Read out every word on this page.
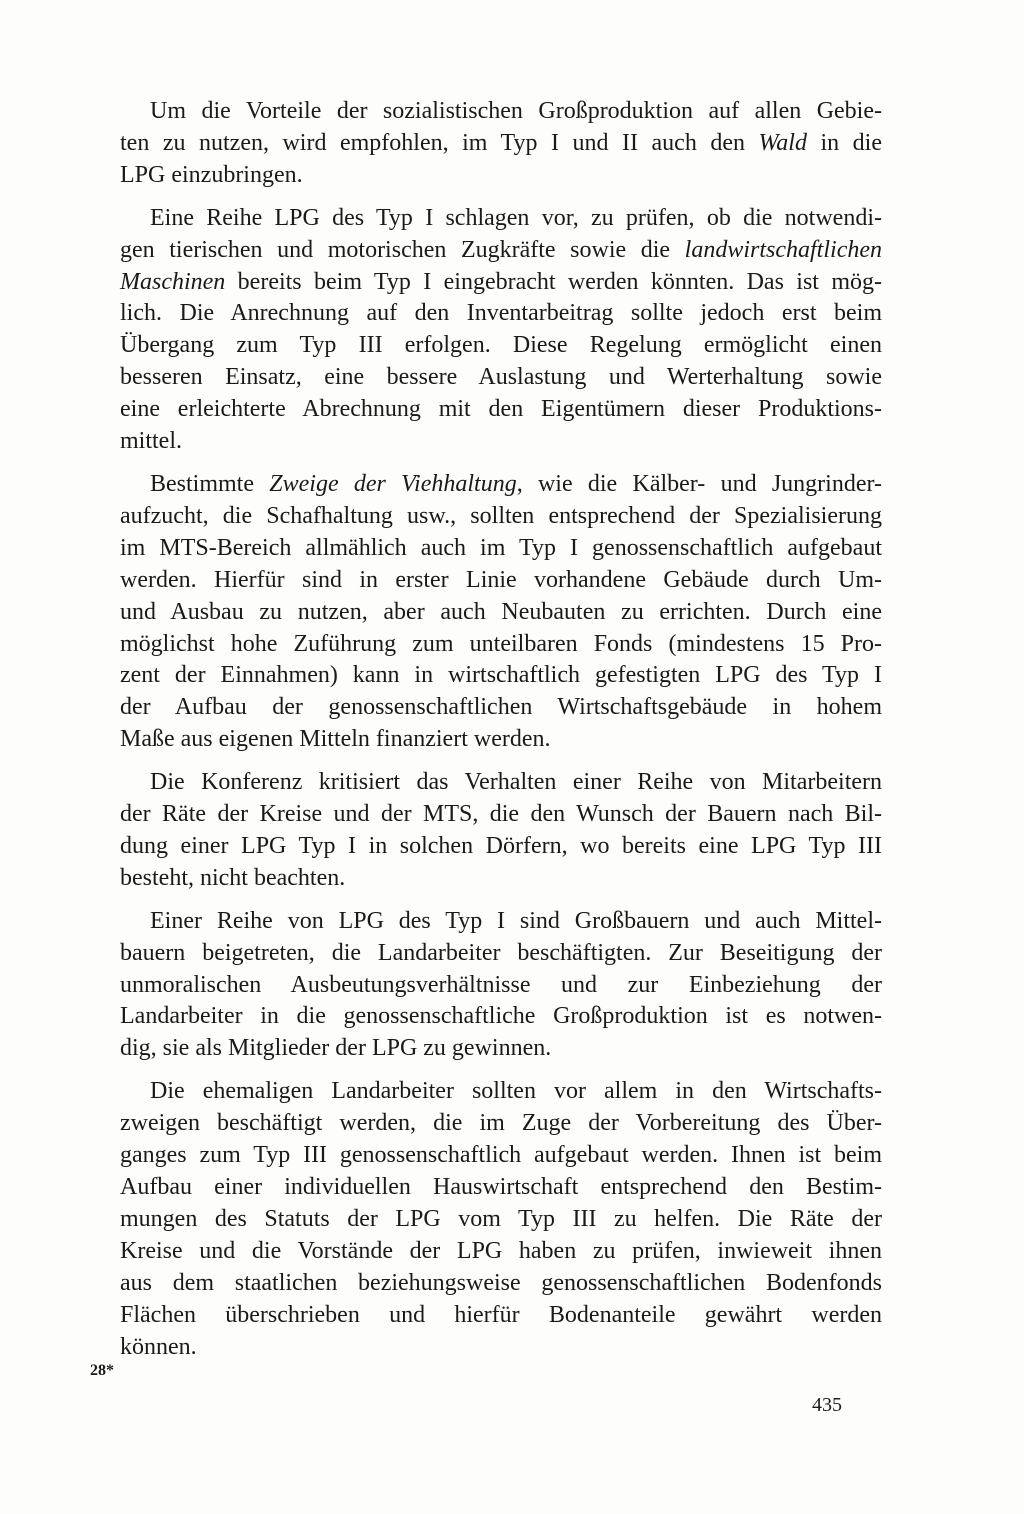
Um die Vorteile der sozialistischen Großproduktion auf allen Gebie-
ten zu nutzen, wird empfohlen, im Typ I und II auch den Wald in die
LPG einzubringen.
Eine Reihe LPG des Typ I schlagen vor, zu prüfen, ob die notwendi-
gen tierischen und motorischen Zugkräfte sowie die landwirtschaftlichen
Maschinen bereits beim Typ I eingebracht werden könnten. Das ist mög-
lich. Die Anrechnung auf den Inventarbeitrag sollte jedoch erst beim
Übergang zum Typ III erfolgen. Diese Regelung ermöglicht einen
besseren Einsatz, eine bessere Auslastung und Werterhaltung sowie
eine erleichterte Abrechnung mit den Eigentümern dieser Produktions-
mittel.
Bestimmte Zweige der Viehhaltung, wie die Kälber- und Jungrinder-
aufzucht, die Schafhaltung usw., sollten entsprechend der Spezialisierung
im MTS-Bereich allmählich auch im Typ I genossenschaftlich aufgebaut
werden. Hierfür sind in erster Linie vorhandene Gebäude durch Um-
und Ausbau zu nutzen, aber auch Neubauten zu errichten. Durch eine
möglichst hohe Zuführung zum unteilbaren Fonds (mindestens 15 Pro-
zent der Einnahmen) kann in wirtschaftlich gefestigten LPG des Typ I
der Aufbau der genossenschaftlichen Wirtschaftsgebäude in hohem
Maße aus eigenen Mitteln finanziert werden.
Die Konferenz kritisiert das Verhalten einer Reihe von Mitarbeitern
der Räte der Kreise und der MTS, die den Wunsch der Bauern nach Bil-
dung einer LPG Typ I in solchen Dörfern, wo bereits eine LPG Typ III
besteht, nicht beachten.
Einer Reihe von LPG des Typ I sind Großbauern und auch Mittel-
bauern beigetreten, die Landarbeiter beschäftigten. Zur Beseitigung der
unmoralischen Ausbeutungsverhältnisse und zur Einbeziehung der
Landarbeiter in die genossenschaftliche Großproduktion ist es notwen-
dig, sie als Mitglieder der LPG zu gewinnen.
Die ehemaligen Landarbeiter sollten vor allem in den Wirtschafts-
zweigen beschäftigt werden, die im Zuge der Vorbereitung des Über-
ganges zum Typ III genossenschaftlich aufgebaut werden. Ihnen ist beim
Aufbau einer individuellen Hauswirtschaft entsprechend den Bestim-
mungen des Statuts der LPG vom Typ III zu helfen. Die Räte der
Kreise und die Vorstände der LPG haben zu prüfen, inwieweit ihnen
aus dem staatlichen beziehungsweise genossenschaftlichen Bodenfonds
Flächen überschrieben und hierfür Bodenanteile gewährt werden
können.
28*
435
